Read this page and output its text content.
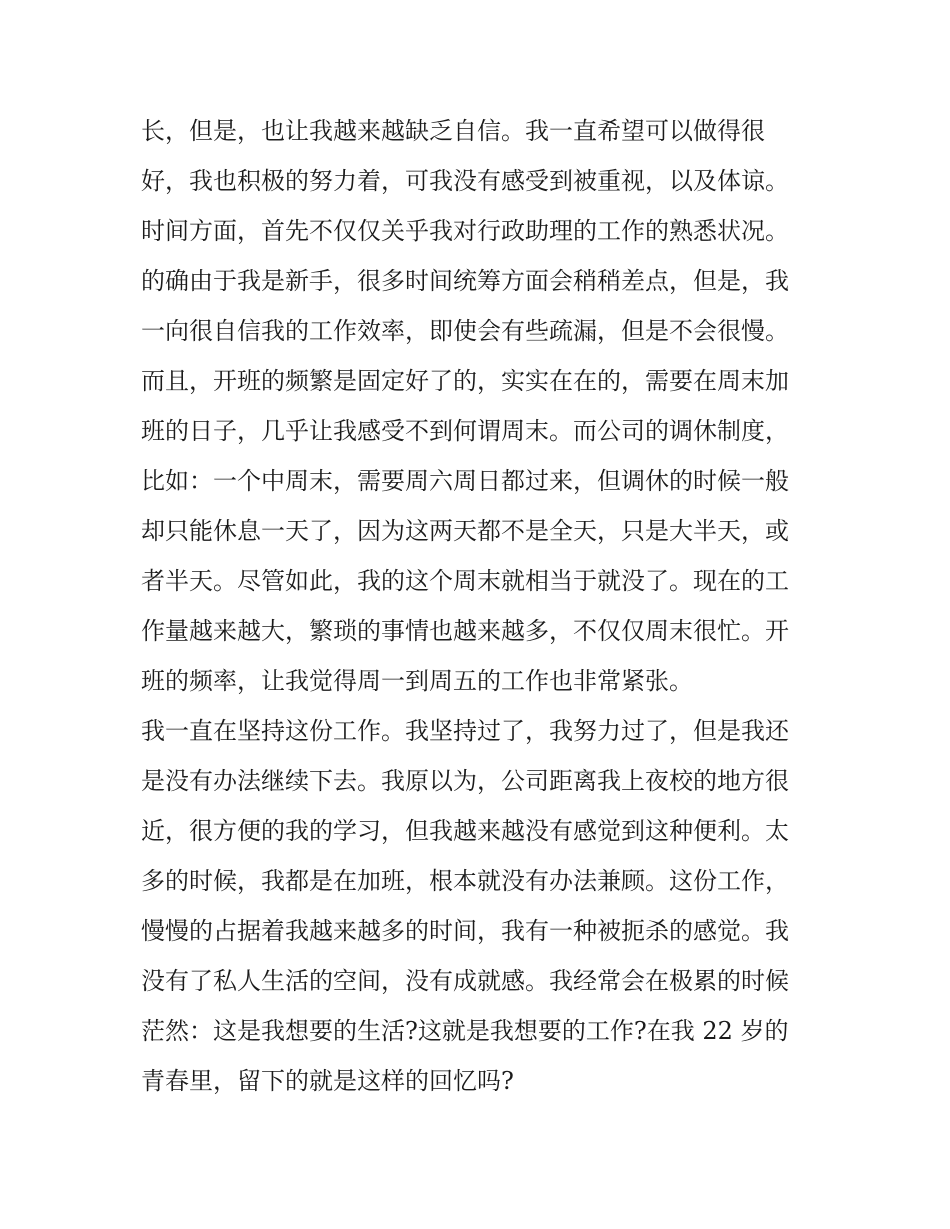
长，但是，也让我越来越缺乏自信。我一直希望可以做得很
好，我也积极的努力着，可我没有感受到被重视，以及体谅。
时间方面，首先不仅仅关乎我对行政助理的工作的熟悉状况。
的确由于我是新手，很多时间统筹方面会稍稍差点，但是，我
一向很自信我的工作效率，即使会有些疏漏，但是不会很慢。
而且，开班的频繁是固定好了的，实实在在的，需要在周末加
班的日子，几乎让我感受不到何谓周末。而公司的调休制度，
比如：一个中周末，需要周六周日都过来，但调休的时候一般
却只能休息一天了，因为这两天都不是全天，只是大半天，或
者半天。尽管如此，我的这个周末就相当于就没了。现在的工
作量越来越大，繁琐的事情也越来越多，不仅仅周末很忙。开
班的频率，让我觉得周一到周五的工作也非常紧张。
我一直在坚持这份工作。我坚持过了，我努力过了，但是我还
是没有办法继续下去。我原以为，公司距离我上夜校的地方很
近，很方便的我的学习，但我越来越没有感觉到这种便利。太
多的时候，我都是在加班，根本就没有办法兼顾。这份工作，
慢慢的占据着我越来越多的时间，我有一种被扼杀的感觉。我
没有了私人生活的空间，没有成就感。我经常会在极累的时候
茫然：这是我想要的生活?这就是我想要的工作?在我 22 岁的
青春里，留下的就是这样的回忆吗?
